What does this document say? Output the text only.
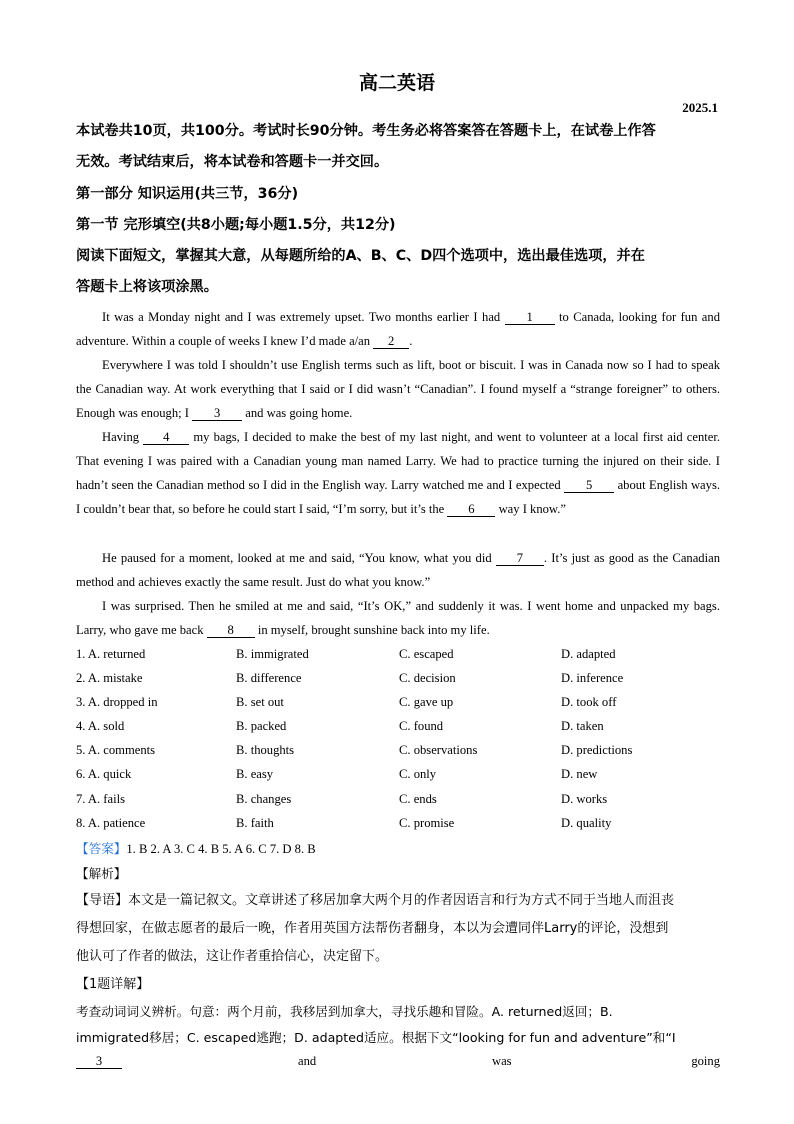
高二英语
2025.1
本试卷共10页，共100分。考试时长90分钟。考生务必将答案答在答题卡上，在试卷上作答
无效。考试结束后，将本试卷和答题卡一并交回。
第一部分 知识运用(共三节，36分)
第一节 完形填空(共8小题;每小题1.5分，共12分)
阅读下面短文，掌握其大意，从每题所给的A、B、C、D四个选项中，选出最佳选项，并在
答题卡上将该项涂黑。
It was a Monday night and I was extremely upset. Two months earlier I had 1 to Canada, looking for fun and adventure. Within a couple of weeks I knew I’d made a/an 2 .
Everywhere I was told I shouldn’t use English terms such as lift, boot or biscuit. I was in Canada now so I had to speak the Canadian way. At work everything that I said or I did wasn’t “Canadian”. I found myself a “strange foreigner” to others. Enough was enough; I 3 and was going home.
Having 4 my bags, I decided to make the best of my last night, and went to volunteer at a local first aid center. That evening I was paired with a Canadian young man named Larry. We had to practice turning the injured on their side. I hadn’t seen the Canadian method so I did in the English way. Larry watched me and I expected 5 about English ways. I couldn’t bear that, so before he could start I said, “I’m sorry, but it’s the 6 way I know.”
He paused for a moment, looked at me and said, “You know, what you did 7 . It’s just as good as the Canadian method and achieves exactly the same result. Just do what you know.”
I was surprised. Then he smiled at me and said, “It’s OK,” and suddenly it was. I went home and unpacked my bags. Larry, who gave me back 8 in myself, brought sunshine back into my life.
1. A. returned	B. immigrated	C. escaped	D. adapted
2. A. mistake	B. difference	C. decision	D. inference
3. A. dropped in	B. set out	C. gave up	D. took off
4. A. sold	B. packed	C. found	D. taken
5. A. comments	B. thoughts	C. observations	D. predictions
6. A. quick	B. easy	C. only	D. new
7. A. fails	B. changes	C. ends	D. works
8. A. patience	B. faith	C. promise	D. quality
【答案】1. B 2. A 3. C 4. B 5. A 6. C 7. D 8. B
【解析】
【导语】本文是一篇记叙文。文章讲述了移居加拿大两个月的作者因语言和行为方式不同于当地人而沮丧
得想回家，在做志愿者的最后一晚，作者用英国方法帮伤者翻身，本以为会遭同伴Larry的评论，没想到
他认可了作者的做法，这让作者重拾信心，决定留下。
【1题详解】
考查动词词义辨析。句意：两个月前，我移居到加拿大，寻找乐趣和冒险。A. returned返回；B.
immigrated移居；C. escaped逃跑；D. adapted适应。根据下文“looking for fun and adventure”和“I
3	and	was	going
